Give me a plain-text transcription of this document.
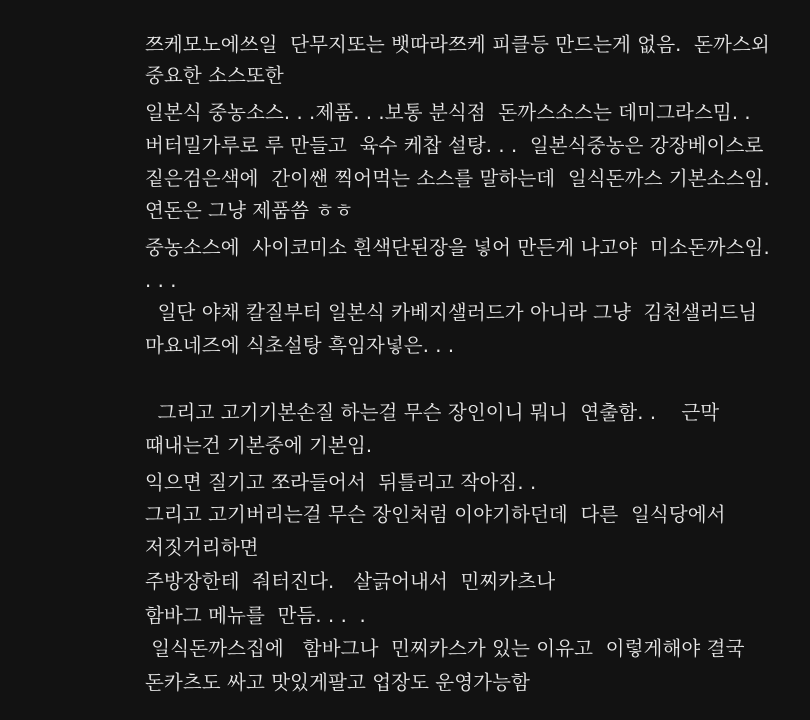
쯔케모노에쓰일  단무지또는 뱃따라쯔케 피클등 만드는게 없음.  돈까스외
중요한 소스또한
일본식 중농소스. . .제품. . .보통 분식점  돈까스소스는 데미그라스밈. .
버터밀가루로 루 만들고  육수 케찹 설탕. . .  일본식중농은 강장베이스로
짙은검은색에  간이쌘 찍어먹는 소스를 말하는데  일식돈까스 기본소스임.
연돈은 그냥 제품씀 ㅎㅎ
중농소스에  사이코미소 흰색단된장을 넣어 만든게 나고야  미소돈까스임.
. . .
일단 야채 칼질부터 일본식 카베지샐러드가 아니라 그냥  김천샐러드님
마요네즈에 식초설탕 흑임자넣은. . .
그리고 고기기본손질 하는걸 무슨 장인이니 뭐니  연출함. .    근막
때내는건 기본중에 기본임.
익으면 질기고 쪼라들어서  뒤틀리고 작아짐. .
그리고 고기버리는걸 무슨 장인처럼 이야기하던데  다른  일식당에서
저짓거리하면
주방장한테  줘터진다.   살긁어내서  민찌카츠나
함바그 메뉴를  만듬. . .  .
일식돈까스집에   함바그나  민찌카스가 있는 이유고  이렇게해야 결국
돈카츠도 싸고 맛있게팔고 업장도 운영가능함
